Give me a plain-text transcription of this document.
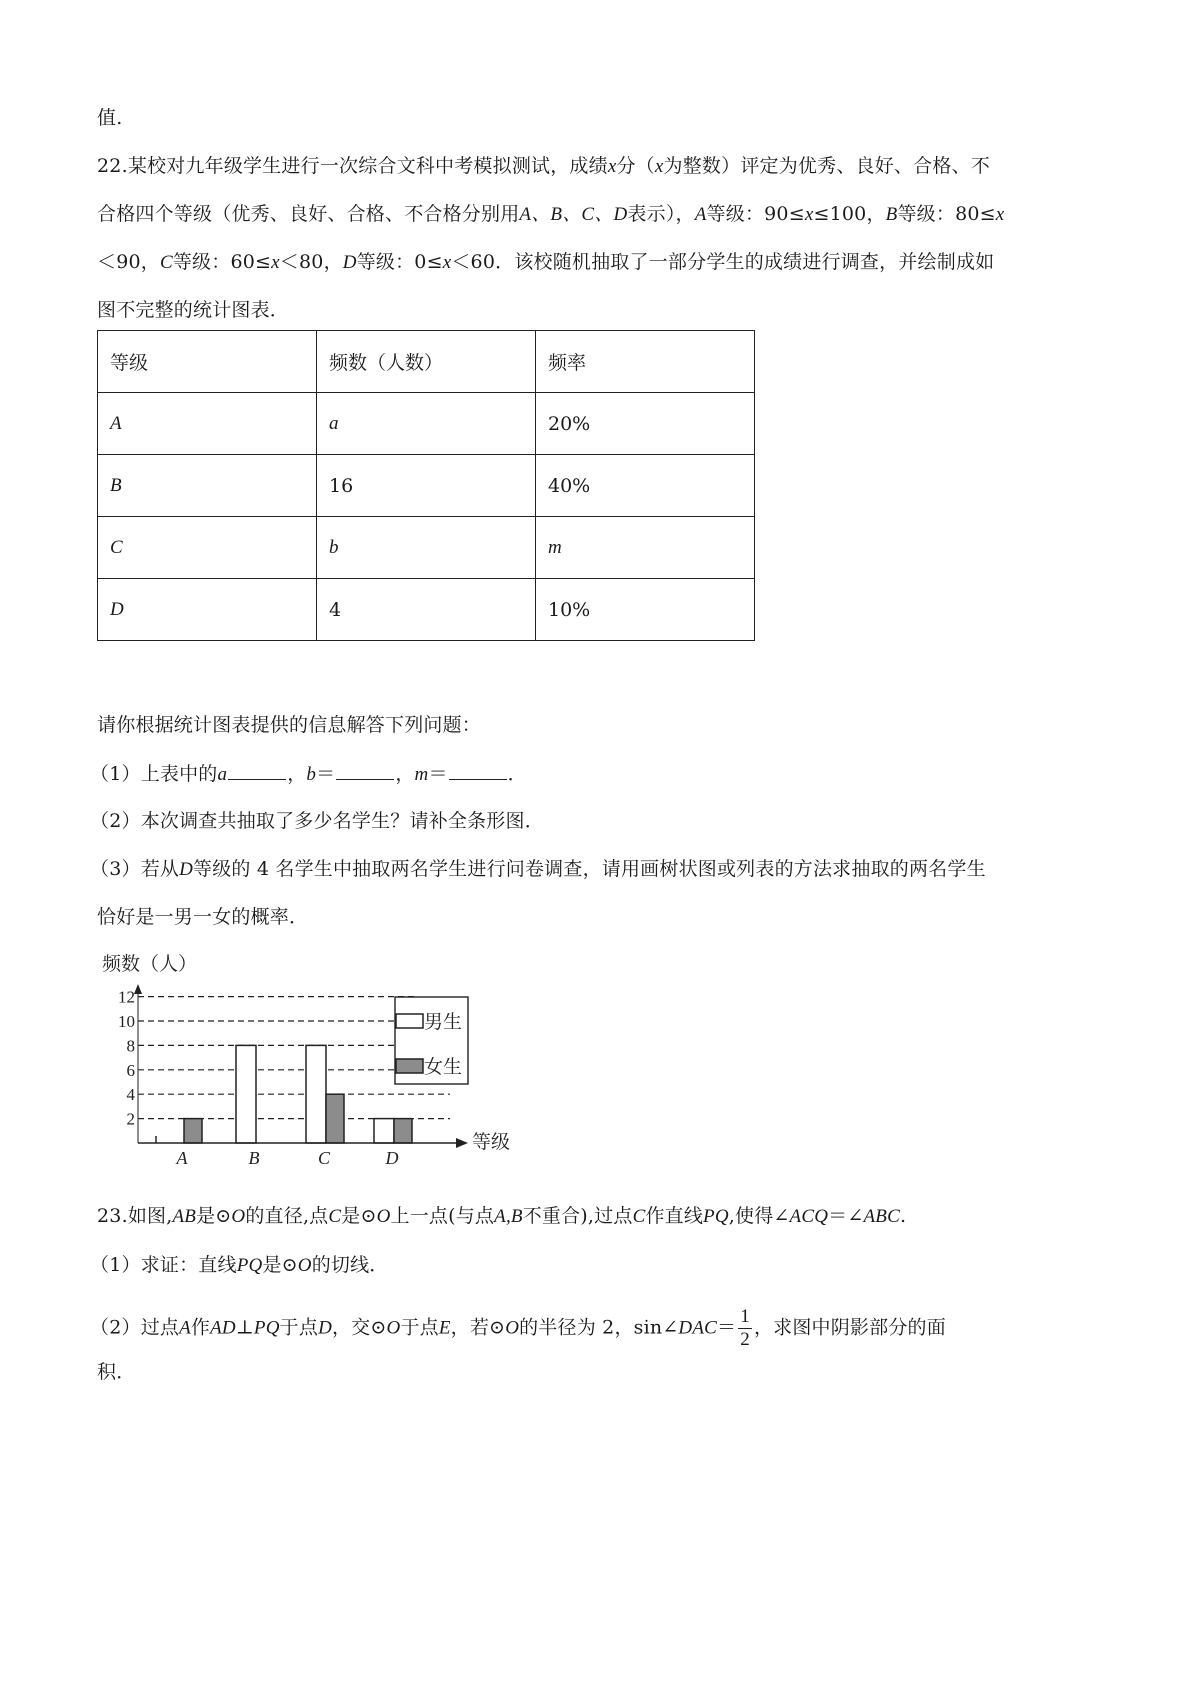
值.
22.某校对九年级学生进行一次综合文科中考模拟测试，成绩x分（x为整数）评定为优秀、良好、合格、不
合格四个等级（优秀、良好、合格、不合格分别用A、B、C、D表示），A等级：90≤x≤100，B等级：80≤x
＜90，C等级：60≤x＜80，D等级：0≤x＜60．该校随机抽取了一部分学生的成绩进行调查，并绘制成如
图不完整的统计图表．
等级	频数（人数）	频率
A	a	20%
B	16	40%
C	b	m
D	4	10%
请你根据统计图表提供的信息解答下列问题：
（1）上表中的a	，b＝	，m＝	．
（2）本次调查共抽取了多少名学生？请补全条形图．
（3）若从D等级的 4 名学生中抽取两名学生进行问卷调查，请用画树状图或列表的方法求抽取的两名学生
恰好是一男一女的概率．
频数（人）
2
4
6
8
10
12
A	B	C	D
等级
男生
女生
23.如图,AB是⊙O的直径,点C是⊙O上一点(与点A,B不重合),过点C作直线PQ,使得∠ACQ＝∠ABC.
（1）求证：直线PQ是⊙O的切线．
（2）过点A作AD⊥PQ于点D，交⊙O于点E，若⊙O的半径为 2，sin∠DAC＝ $\frac{1}{2}$ ，求图中阴影部分的面
积．
